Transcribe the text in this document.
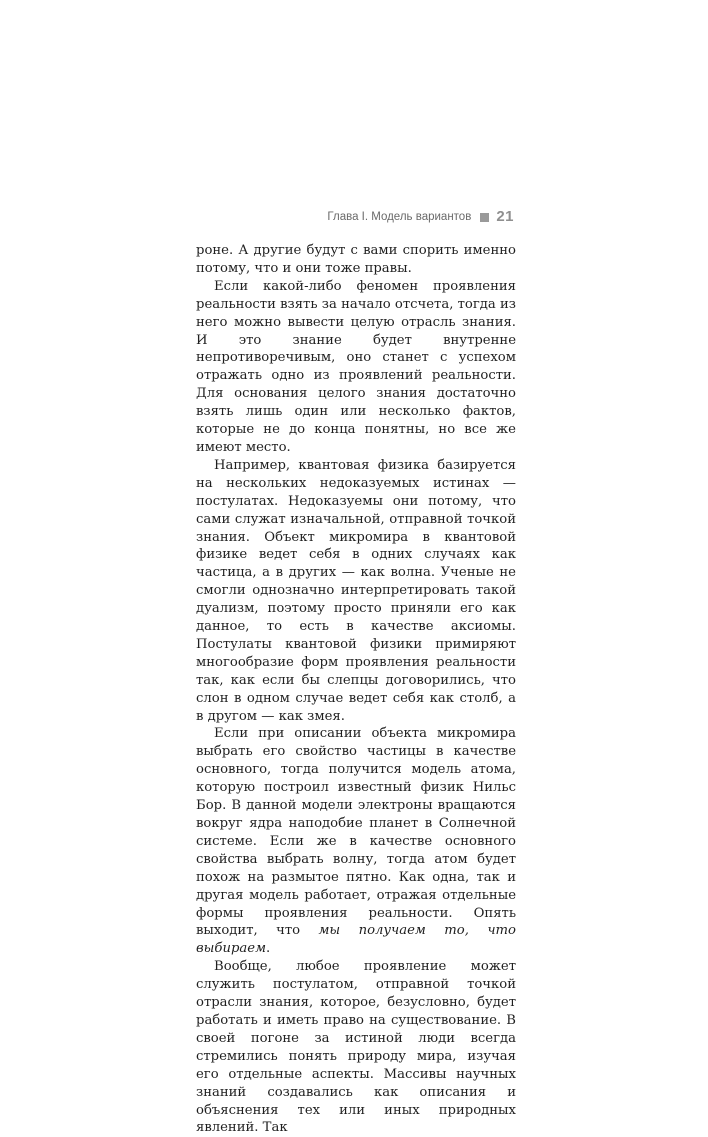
Глава I. Модель вариантов 21

роне. А другие будут с вами спорить именно потому, что и они тоже правы.

Если какой-либо феномен проявления реальности взять за начало отсчета, тогда из него можно вывести целую отрасль знания. И это знание будет внутренне непротиворечивым, оно станет с успехом отражать одно из проявлений реальности. Для основания целого знания достаточно взять лишь один или несколько фактов, которые не до конца понятны, но все же имеют место.

Например, квантовая физика базируется на нескольких недоказуемых истинах — постулатах. Недоказуемы они потому, что сами служат изначальной, отправной точкой знания. Объект микромира в квантовой физике ведет себя в одних случаях как частица, а в других — как волна. Ученые не смогли однозначно интерпретировать такой дуализм, поэтому просто приняли его как данное, то есть в качестве аксиомы. Постулаты квантовой физики примиряют многообразие форм проявления реальности так, как если бы слепцы договорились, что слон в одном случае ведет себя как столб, а в другом — как змея.

Если при описании объекта микромира выбрать его свойство частицы в качестве основного, тогда получится модель атома, которую построил известный физик Нильс Бор. В данной модели электроны вращаются вокруг ядра наподобие планет в Солнечной системе. Если же в качестве основного свойства выбрать волну, тогда атом будет похож на размытое пятно. Как одна, так и другая модель работает, отражая отдельные формы проявления реальности. Опять выходит, что мы получаем то, что выбираем.

Вообще, любое проявление может служить постулатом, отправной точкой отрасли знания, которое, безусловно, будет работать и иметь право на существование. В своей погоне за истиной люди всегда стремились понять природу мира, изучая его отдельные аспекты. Массивы научных знаний создавались как описания и объяснения тех или иных природных явлений. Так
